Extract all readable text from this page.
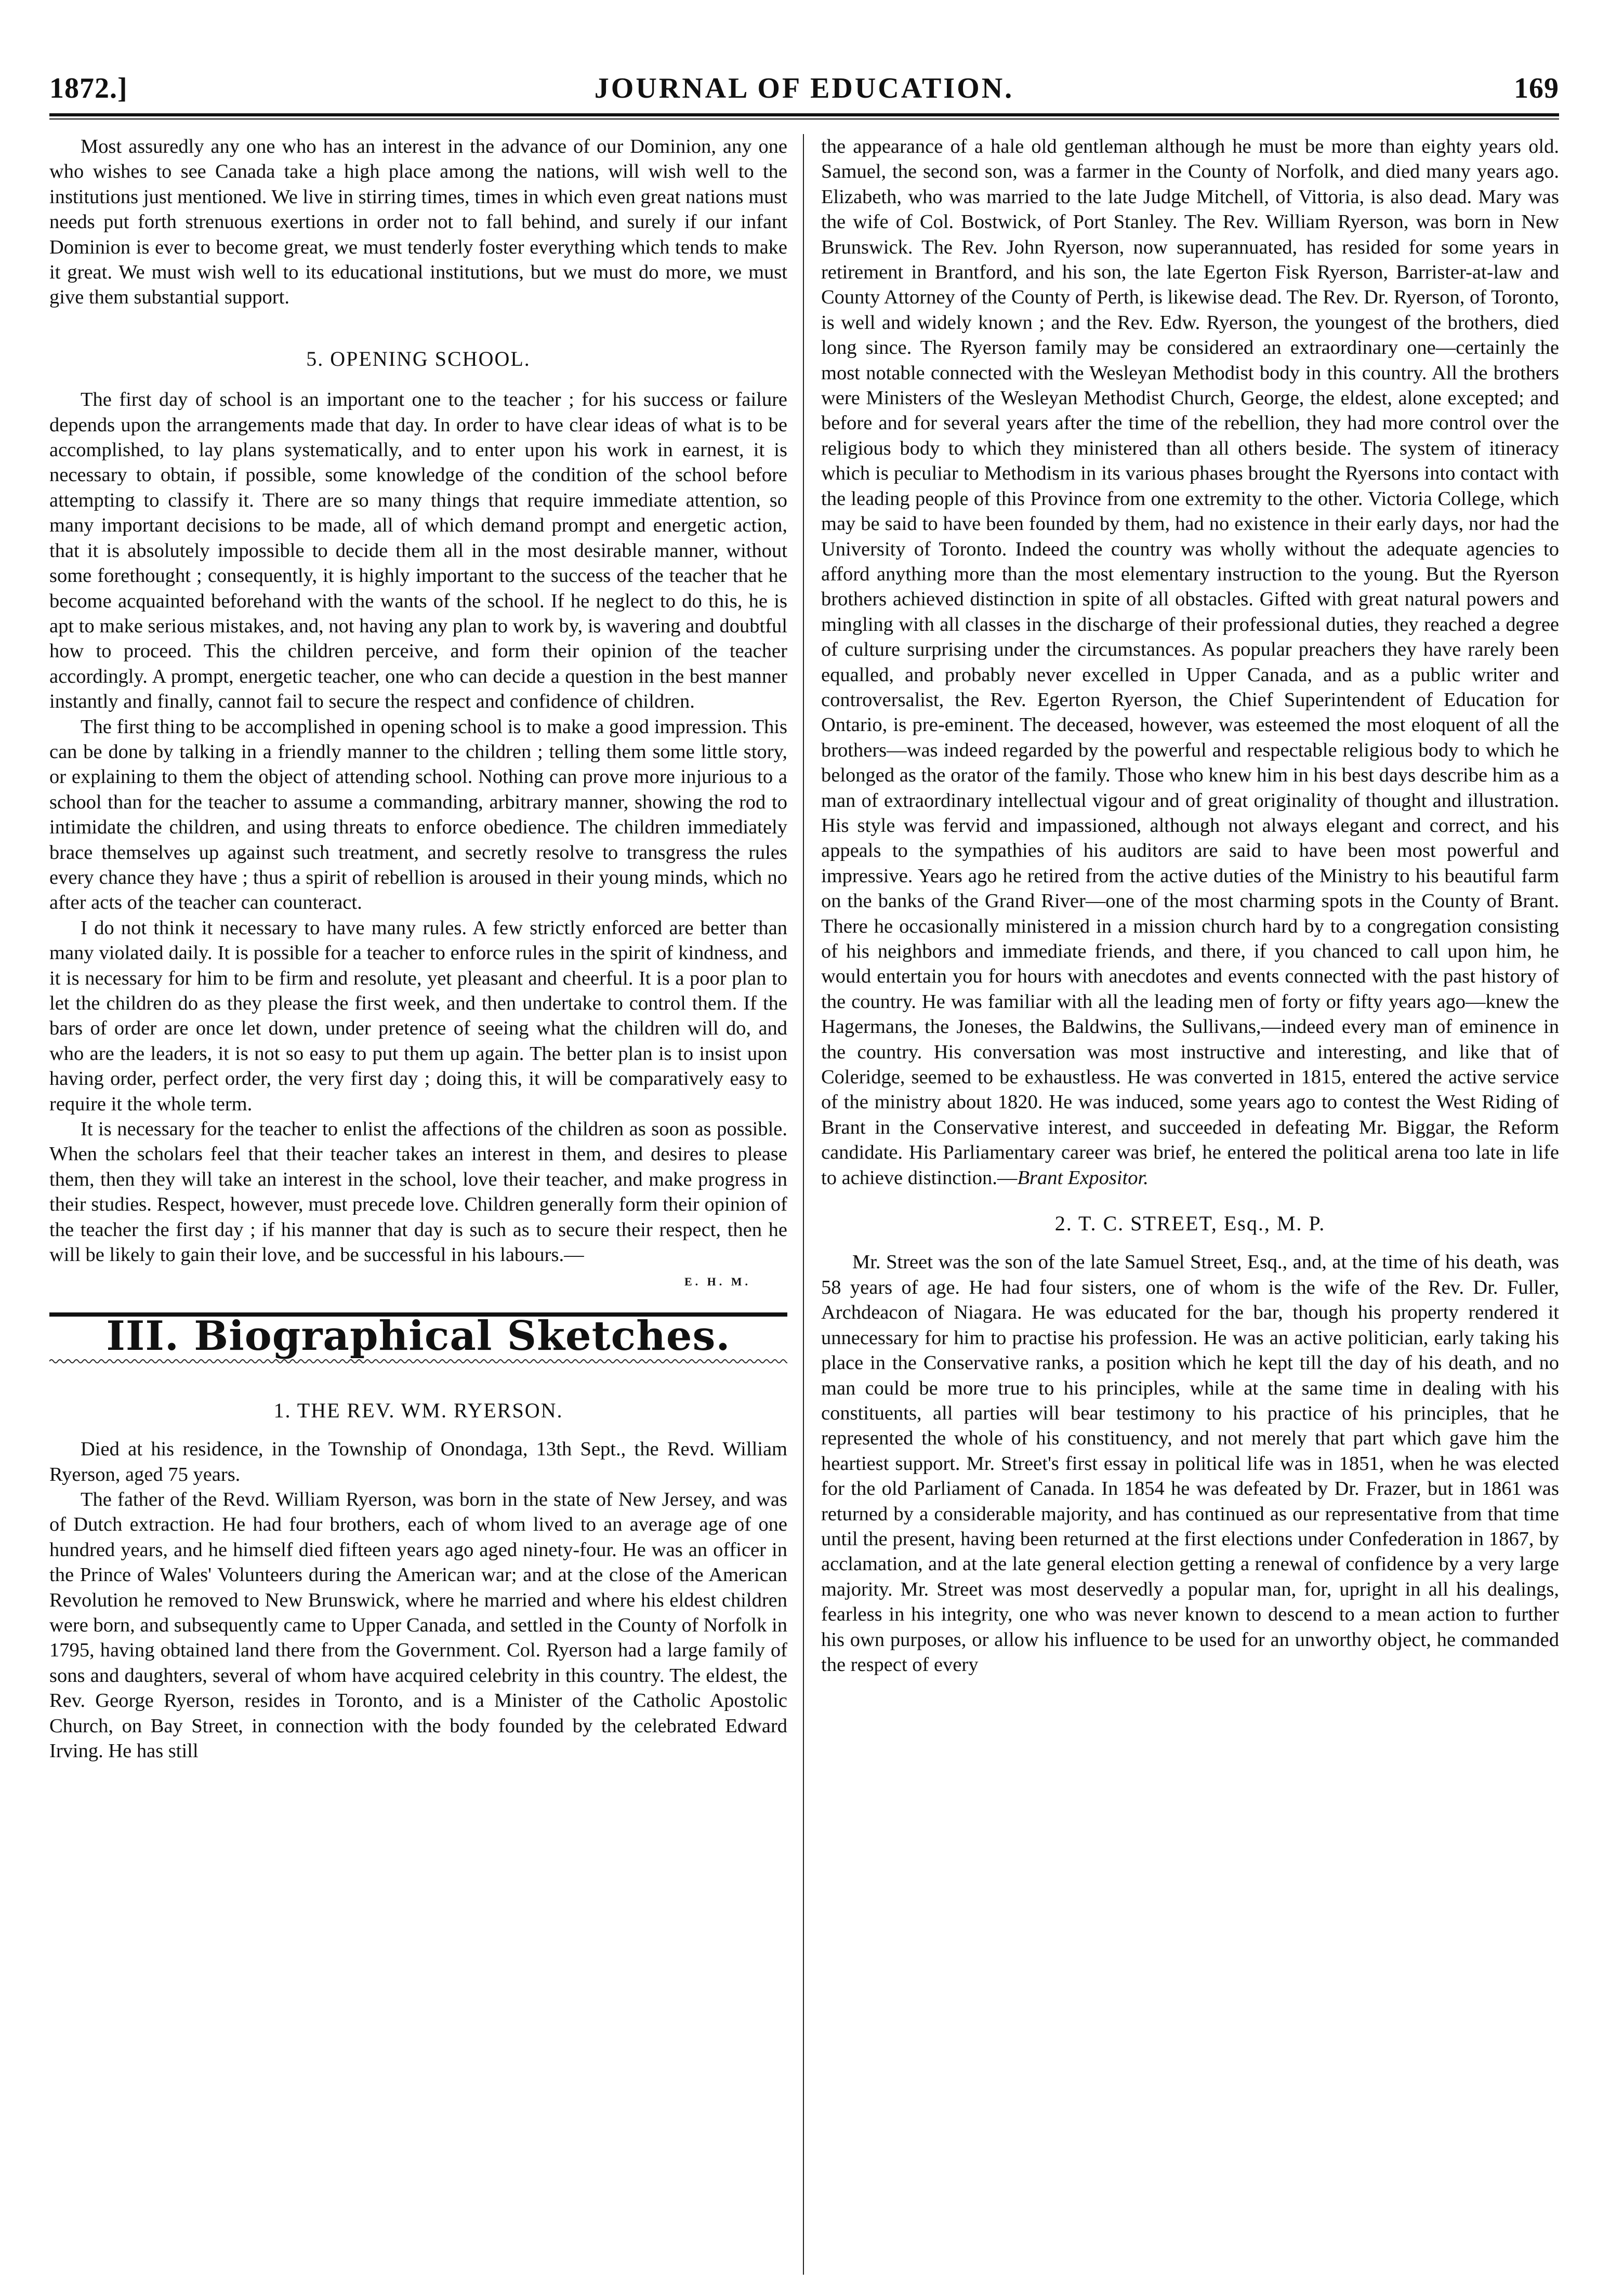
1872.]	JOURNAL OF EDUCATION.	169

Most assuredly any one who has an interest in the advance of our Dominion, any one who wishes to see Canada take a high place among the nations, will wish well to the institutions just mentioned. We live in stirring times, times in which even great nations must needs put forth strenuous exertions in order not to fall behind, and surely if our infant Dominion is ever to become great, we must tenderly foster everything which tends to make it great. We must wish well to its educational institutions, but we must do more, we must give them substantial support.

5. OPENING SCHOOL.

The first day of school is an important one to the teacher ; for his success or failure depends upon the arrangements made that day. In order to have clear ideas of what is to be accomplished, to lay plans systematically, and to enter upon his work in earnest, it is necessary to obtain, if possible, some knowledge of the condition of the school before attempting to classify it. There are so many things that require immediate attention, so many important decisions to be made, all of which demand prompt and energetic action, that it is absolutely impossible to decide them all in the most desirable manner, without some forethought ; consequently, it is highly important to the success of the teacher that he become acquainted beforehand with the wants of the school. If he neglect to do this, he is apt to make serious mistakes, and, not having any plan to work by, is wavering and doubtful how to proceed. This the children perceive, and form their opinion of the teacher accordingly. A prompt, energetic teacher, one who can decide a question in the best manner instantly and finally, cannot fail to secure the respect and confidence of children.

The first thing to be accomplished in opening school is to make a good impression. This can be done by talking in a friendly manner to the children ; telling them some little story, or explaining to them the object of attending school. Nothing can prove more injurious to a school than for the teacher to assume a commanding, arbitrary manner, showing the rod to intimidate the children, and using threats to enforce obedience. The children immediately brace themselves up against such treatment, and secretly resolve to transgress the rules every chance they have ; thus a spirit of rebellion is aroused in their young minds, which no after acts of the teacher can counteract.

I do not think it necessary to have many rules. A few strictly enforced are better than many violated daily. It is possible for a teacher to enforce rules in the spirit of kindness, and it is necessary for him to be firm and resolute, yet pleasant and cheerful. It is a poor plan to let the children do as they please the first week, and then undertake to control them. If the bars of order are once let down, under pretence of seeing what the children will do, and who are the leaders, it is not so easy to put them up again. The better plan is to insist upon having order, perfect order, the very first day ; doing this, it will be comparatively easy to require it the whole term.

It is necessary for the teacher to enlist the affections of the children as soon as possible. When the scholars feel that their teacher takes an interest in them, and desires to please them, then they will take an interest in the school, love their teacher, and make progress in their studies. Respect, however, must precede love. Children generally form their opinion of the teacher the first day ; if his manner that day is such as to secure their respect, then he will be likely to gain their love, and be successful in his labours.—

E. H. M.
III. Biographical Sketches.
1. THE REV. WM. RYERSON.

Died at his residence, in the Township of Onondaga, 13th Sept., the Revd. William Ryerson, aged 75 years.

The father of the Revd. William Ryerson, was born in the state of New Jersey, and was of Dutch extraction. He had four brothers, each of whom lived to an average age of one hundred years, and he himself died fifteen years ago aged ninety-four. He was an officer in the Prince of Wales' Volunteers during the American war; and at the close of the American Revolution he removed to New Brunswick, where he married and where his eldest children were born, and subsequently came to Upper Canada, and settled in the County of Norfolk in 1795, having obtained land there from the Government. Col. Ryerson had a large family of sons and daughters, several of whom have acquired celebrity in this country. The eldest, the Rev. George Ryerson, resides in Toronto, and is a Minister of the Catholic Apostolic Church, on Bay Street, in connection with the body founded by the celebrated Edward Irving. He has still

the appearance of a hale old gentleman although he must be more than eighty years old. Samuel, the second son, was a farmer in the County of Norfolk, and died many years ago. Elizabeth, who was married to the late Judge Mitchell, of Vittoria, is also dead. Mary was the wife of Col. Bostwick, of Port Stanley. The Rev. William Ryerson, was born in New Brunswick. The Rev. John Ryerson, now superannuated, has resided for some years in retirement in Brantford, and his son, the late Egerton Fisk Ryerson, Barrister-at-law and County Attorney of the County of Perth, is likewise dead. The Rev. Dr. Ryerson, of Toronto, is well and widely known ; and the Rev. Edw. Ryerson, the youngest of the brothers, died long since. The Ryerson family may be considered an extraordinary one—certainly the most notable connected with the Wesleyan Methodist body in this country. All the brothers were Ministers of the Wesleyan Methodist Church, George, the eldest, alone excepted; and before and for several years after the time of the rebellion, they had more control over the religious body to which they ministered than all others beside. The system of itineracy which is peculiar to Methodism in its various phases brought the Ryersons into contact with the leading people of this Province from one extremity to the other. Victoria College, which may be said to have been founded by them, had no existence in their early days, nor had the University of Toronto. Indeed the country was wholly without the adequate agencies to afford anything more than the most elementary instruction to the young. But the Ryerson brothers achieved distinction in spite of all obstacles. Gifted with great natural powers and mingling with all classes in the discharge of their professional duties, they reached a degree of culture surprising under the circumstances. As popular preachers they have rarely been equalled, and probably never excelled in Upper Canada, and as a public writer and controversalist, the Rev. Egerton Ryerson, the Chief Superintendent of Education for Ontario, is pre-eminent. The deceased, however, was esteemed the most eloquent of all the brothers—was indeed regarded by the powerful and respectable religious body to which he belonged as the orator of the family. Those who knew him in his best days describe him as a man of extraordinary intellectual vigour and of great originality of thought and illustration. His style was fervid and impassioned, although not always elegant and correct, and his appeals to the sympathies of his auditors are said to have been most powerful and impressive. Years ago he retired from the active duties of the Ministry to his beautiful farm on the banks of the Grand River—one of the most charming spots in the County of Brant. There he occasionally ministered in a mission church hard by to a congregation consisting of his neighbors and immediate friends, and there, if you chanced to call upon him, he would entertain you for hours with anecdotes and events connected with the past history of the country. He was familiar with all the leading men of forty or fifty years ago—knew the Hagermans, the Joneses, the Baldwins, the Sullivans,—indeed every man of eminence in the country. His conversation was most instructive and interesting, and like that of Coleridge, seemed to be exhaustless. He was converted in 1815, entered the active service of the ministry about 1820. He was induced, some years ago to contest the West Riding of Brant in the Conservative interest, and succeeded in defeating Mr. Biggar, the Reform candidate. His Parliamentary career was brief, he entered the political arena too late in life to achieve distinction.—Brant Expositor.

2. T. C. STREET, Esq., M. P.

Mr. Street was the son of the late Samuel Street, Esq., and, at the time of his death, was 58 years of age. He had four sisters, one of whom is the wife of the Rev. Dr. Fuller, Archdeacon of Niagara. He was educated for the bar, though his property rendered it unnecessary for him to practise his profession. He was an active politician, early taking his place in the Conservative ranks, a position which he kept till the day of his death, and no man could be more true to his principles, while at the same time in dealing with his constituents, all parties will bear testimony to his practice of his principles, that he represented the whole of his constituency, and not merely that part which gave him the heartiest support. Mr. Street's first essay in political life was in 1851, when he was elected for the old Parliament of Canada. In 1854 he was defeated by Dr. Frazer, but in 1861 was returned by a considerable majority, and has continued as our representative from that time until the present, having been returned at the first elections under Confederation in 1867, by acclamation, and at the late general election getting a renewal of confidence by a very large majority. Mr. Street was most deservedly a popular man, for, upright in all his dealings, fearless in his integrity, one who was never known to descend to a mean action to further his own purposes, or allow his influence to be used for an unworthy object, he commanded the respect of every
